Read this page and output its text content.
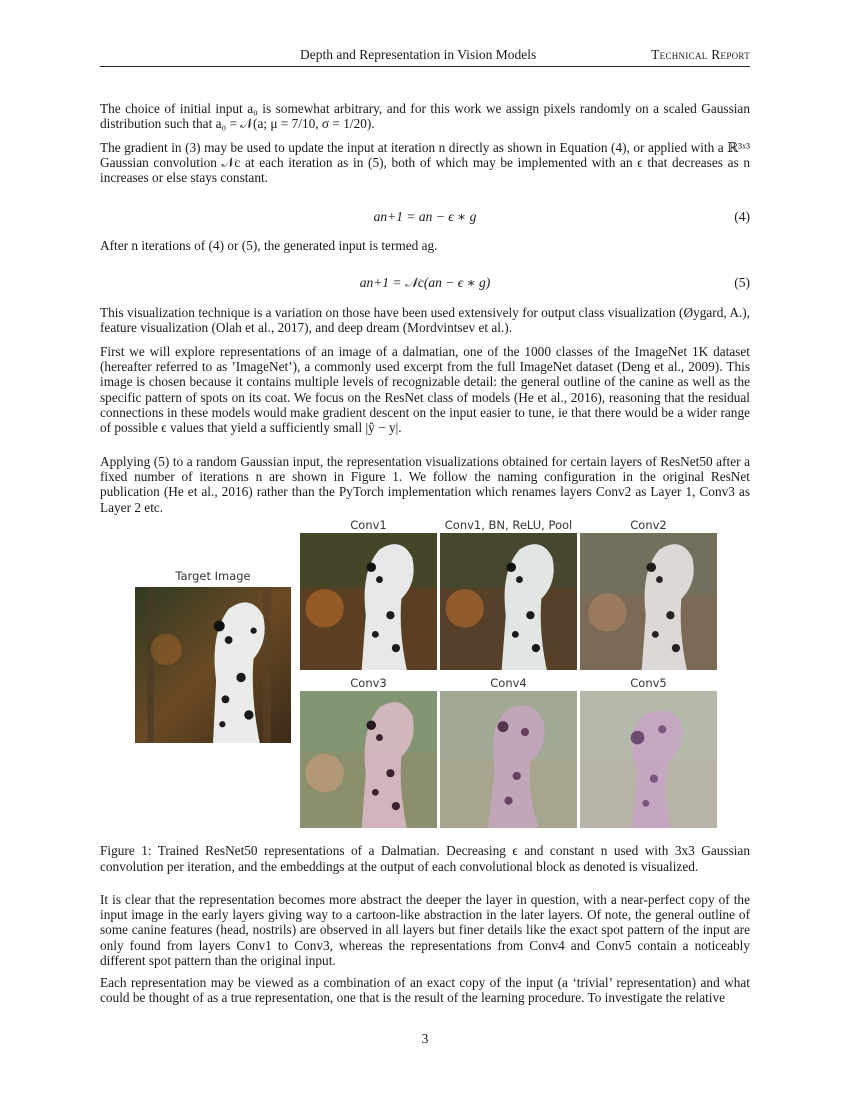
Depth and Representation in Vision Models	Technical Report

The choice of initial input a₀ is somewhat arbitrary, and for this work we assign pixels randomly on a scaled Gaussian distribution such that a₀ = 𝒩(a; μ = 7/10, σ = 1/20).

The gradient in (3) may be used to update the input at iteration n directly as shown in Equation (4), or applied with a ℝ³ˣ³ Gaussian convolution 𝒩c at each iteration as in (5), both of which may be implemented with an ϵ that decreases as n increases or else stays constant.

an+1 = an − ϵ ∗ g	(4)

After n iterations of (4) or (5), the generated input is termed ag.

an+1 = 𝒩c(an − ϵ ∗ g)	(5)

This visualization technique is a variation on those have been used extensively for output class visualization (Øygard, A.), feature visualization (Olah et al., 2017), and deep dream (Mordvintsev et al.).

First we will explore representations of an image of a dalmatian, one of the 1000 classes of the ImageNet 1K dataset (hereafter referred to as ’ImageNet’), a commonly used excerpt from the full ImageNet dataset (Deng et al., 2009). This image is chosen because it contains multiple levels of recognizable detail: the general outline of the canine as well as the specific pattern of spots on its coat. We focus on the ResNet class of models (He et al., 2016), reasoning that the residual connections in these models would make gradient descent on the input easier to tune, ie that there would be a wider range of possible ϵ values that yield a sufficiently small |ŷ − y|.

Applying (5) to a random Gaussian input, the representation visualizations obtained for certain layers of ResNet50 after a fixed number of iterations n are shown in Figure 1. We follow the naming configuration in the original ResNet publication (He et al., 2016) rather than the PyTorch implementation which renames layers Conv2 as Layer 1, Conv3 as Layer 2 etc.

Target Image
Conv1	Conv1, BN, ReLU, Pool	Conv2
Conv3	Conv4	Conv5

Figure 1: Trained ResNet50 representations of a Dalmatian. Decreasing ϵ and constant n used with 3x3 Gaussian convolution per iteration, and the embeddings at the output of each convolutional block as denoted is visualized.

It is clear that the representation becomes more abstract the deeper the layer in question, with a near-perfect copy of the input image in the early layers giving way to a cartoon-like abstraction in the later layers. Of note, the general outline of some canine features (head, nostrils) are observed in all layers but finer details like the exact spot pattern of the input are only found from layers Conv1 to Conv3, whereas the representations from Conv4 and Conv5 contain a noticeably different spot pattern than the original input.

Each representation may be viewed as a combination of an exact copy of the input (a ‘trivial’ representation) and what could be thought of as a true representation, one that is the result of the learning procedure. To investigate the relative

3
